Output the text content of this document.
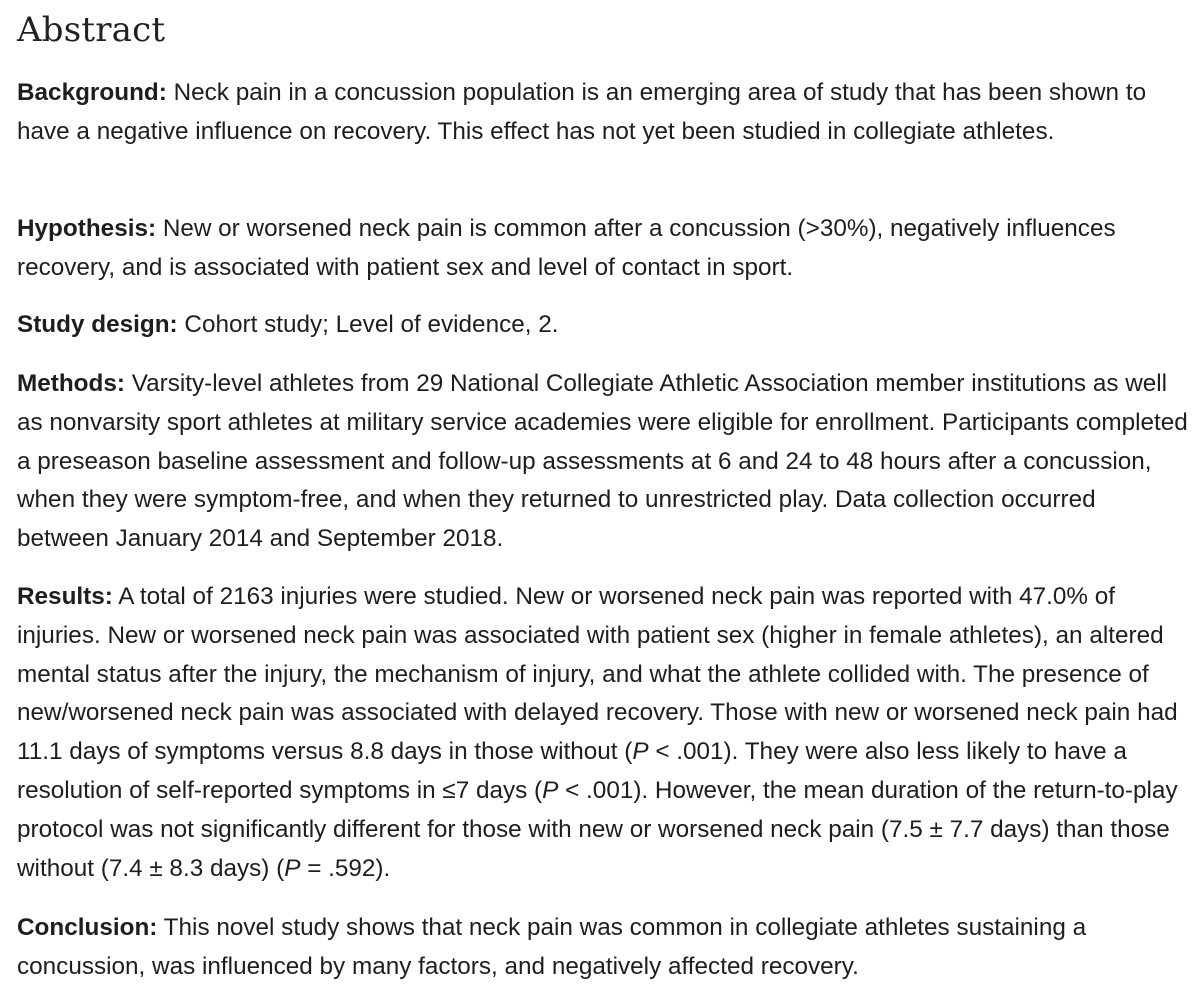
Abstract

Background: Neck pain in a concussion population is an emerging area of study that has been shown to have a negative influence on recovery. This effect has not yet been studied in collegiate athletes.

Hypothesis: New or worsened neck pain is common after a concussion (>30%), negatively influences recovery, and is associated with patient sex and level of contact in sport.

Study design: Cohort study; Level of evidence, 2.

Methods: Varsity-level athletes from 29 National Collegiate Athletic Association member institutions as well as nonvarsity sport athletes at military service academies were eligible for enrollment. Participants completed a preseason baseline assessment and follow-up assessments at 6 and 24 to 48 hours after a concussion, when they were symptom-free, and when they returned to unrestricted play. Data collection occurred between January 2014 and September 2018.

Results: A total of 2163 injuries were studied. New or worsened neck pain was reported with 47.0% of injuries. New or worsened neck pain was associated with patient sex (higher in female athletes), an altered mental status after the injury, the mechanism of injury, and what the athlete collided with. The presence of new/worsened neck pain was associated with delayed recovery. Those with new or worsened neck pain had 11.1 days of symptoms versus 8.8 days in those without (P < .001). They were also less likely to have a resolution of self-reported symptoms in ≤7 days (P < .001). However, the mean duration of the return-to-play protocol was not significantly different for those with new or worsened neck pain (7.5 ± 7.7 days) than those without (7.4 ± 8.3 days) (P = .592).

Conclusion: This novel study shows that neck pain was common in collegiate athletes sustaining a concussion, was influenced by many factors, and negatively affected recovery.
